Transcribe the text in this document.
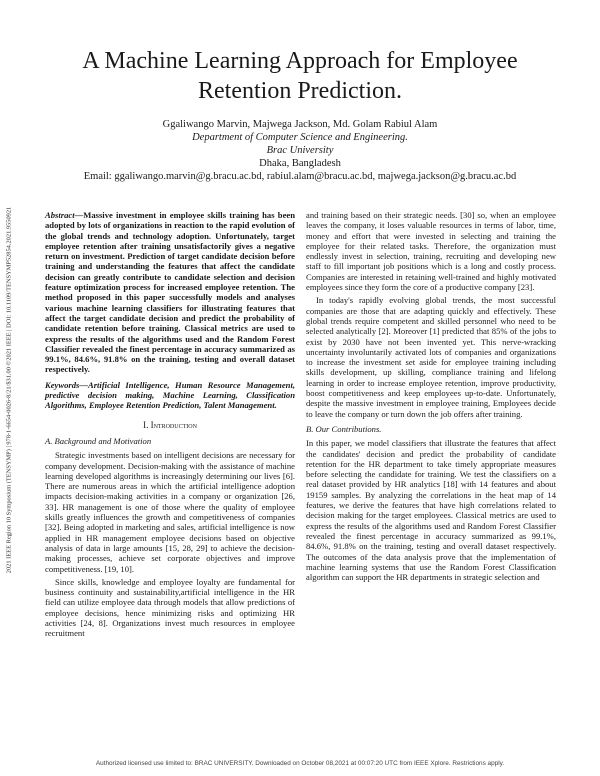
A Machine Learning Approach for Employee Retention Prediction.
Ggaliwango Marvin, Majwega Jackson, Md. Golam Rabiul Alam
Department of Computer Science and Engineering.
Brac University
Dhaka, Bangladesh
Email: ggaliwango.marvin@g.bracu.ac.bd, rabiul.alam@bracu.ac.bd, majwega.jackson@g.bracu.ac.bd
2021 IEEE Region 10 Symposium (TENSYMP) | 978-1-6654-0026-8/21/$31.00 ©2021 IEEE | DOI: 10.1109/TENSYMP52854.2021.9550921	Abstract—Massive investment in employee skills training has been adopted by lots of organizations in reaction to the rapid evolution of the global trends and technology adoption. Unfortunately, target employee retention after training unsatisfactorily gives a negative return on investment. Prediction of target candidate decision before training and understanding the features that affect the candidate decision can greatly contribute to candidate selection and decision feature optimization process for increased employee retention. The method proposed in this paper successfully models and analyses various machine learning classifiers for illustrating features that affect the target candidate decision and predict the probability of candidate retention before training. Classical metrics are used to express the results of the algorithms used and the Random Forest Classifier revealed the finest percentage in accuracy summarized as 99.1%, 84.6%, 91.8% on the training, testing and overall dataset respectively.

Keywords—Artificial Intelligence, Human Resource Management, predictive decision making, Machine Learning, Classification Algorithms, Employee Retention Prediction, Talent Management.

I. Introduction

A. Background and Motivation

Strategic investments based on intelligent decisions are necessary for company development. Decision-making with the assistance of machine learning developed algorithms is increasingly determining our lives [6]. There are numerous areas in which the artificial intelligence adoption impacts decision-making activities in a company or organization [26, 33]. HR management is one of those where the quality of employee skills greatly influences the growth and competitiveness of companies [32]. Being adopted in marketing and sales, artificial intelligence is now applied in HR management employee decisions based on objective analysis of data in large amounts [15, 28, 29] to achieve the decision-making processes, achieve set corporate objectives and improve competitiveness. [19, 10].

Since skills, knowledge and employee loyalty are fundamental for business continuity and sustainability,artificial intelligence in the HR field can utilize employee data through models that allow predictions of employee decisions, hence minimizing risks and optimizing HR activities [24, 8]. Organizations invest much resources in employee recruitment

and training based on their strategic needs. [30] so, when an employee leaves the company, it loses valuable resources in terms of labor, time, money and effort that were invested in selecting and training the employee for their related tasks. Therefore, the organization must endlessly invest in selection, training, recruiting and developing new staff to fill important job positions which is a long and costly process. Companies are interested in retaining well-trained and highly motivated employees since they form the core of a productive company [23].

In today's rapidly evolving global trends, the most successful companies are those that are adapting quickly and effectively. These global trends require competent and skilled personnel who need to be selected analytically [2]. Moreover [1] predicted that 85% of the jobs to exist by 2030 have not been invented yet. This nerve-wracking uncertainty involuntarily activated lots of companies and organizations to increase the investment set aside for employee training including skills development, up skilling, compliance training and lifelong learning in order to increase employee retention, improve productivity, boost competitiveness and keep employees up-to-date. Unfortunately, despite the massive investment in employee training, Employees decide to leave the company or turn down the job offers after training.

B. Our Contributions.

In this paper, we model classifiers that illustrate the features that affect the candidates' decision and predict the probability of candidate retention for the HR department to take timely appropriate measures before selecting the candidate for training. We test the classifiers on a real dataset provided by HR analytics [18] with 14 features and about 19159 samples. By analyzing the correlations in the heat map of 14 features, we derive the features that have high correlations related to decision making for the target employees. Classical metrics are used to express the results of the algorithms used and Random Forest Classifier revealed the finest percentage in accuracy summarized as 99.1%, 84.6%, 91.8% on the training, testing and overall dataset respectively. The outcomes of the data analysis prove that the implementation of machine learning systems that use the Random Forest Classification algorithm can support the HR departments in strategic selection and

Authorized licensed use limited to: BRAC UNIVERSITY. Downloaded on October 08,2021 at 00:07:20 UTC from IEEE Xplore. Restrictions apply.
